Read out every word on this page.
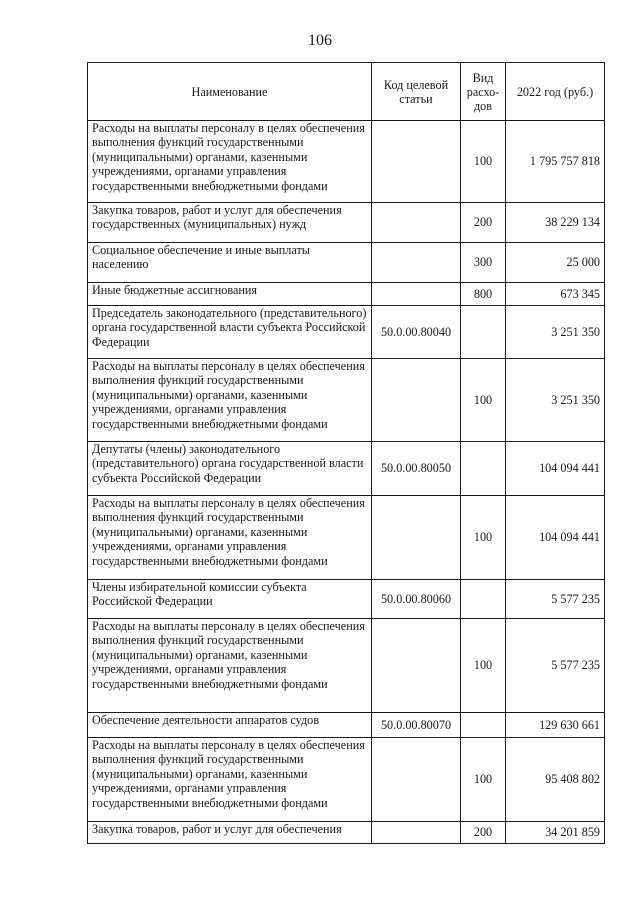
106
Наименование	Код целевой статьи	Вид расхо-дов	2022 год (руб.)
Расходы на выплаты персоналу в целях обеспечения выполнения функций государственными (муниципальными) органами, казенными учреждениями, органами управления государственными внебюджетными фондами		100	1 795 757 818
Закупка товаров, работ и услуг для обеспечения государственных (муниципальных) нужд		200	38 229 134
Социальное обеспечение и иные выплаты населению		300	25 000
Иные бюджетные ассигнования		800	673 345
Председатель законодательного (представительного) органа государственной власти субъекта Российской Федерации	50.0.00.80040		3 251 350
Расходы на выплаты персоналу в целях обеспечения выполнения функций государственными (муниципальными) органами, казенными учреждениями, органами управления государственными внебюджетными фондами		100	3 251 350
Депутаты (члены) законодательного (представительного) органа государственной власти субъекта Российской Федерации	50.0.00.80050		104 094 441
Расходы на выплаты персоналу в целях обеспечения выполнения функций государственными (муниципальными) органами, казенными учреждениями, органами управления государственными внебюджетными фондами		100	104 094 441
Члены избирательной комиссии субъекта Российской Федерации	50.0.00.80060		5 577 235
Расходы на выплаты персоналу в целях обеспечения выполнения функций государственными (муниципальными) органами, казенными учреждениями, органами управления государственными внебюджетными фондами		100	5 577 235
Обеспечение деятельности аппаратов судов	50.0.00.80070		129 630 661
Расходы на выплаты персоналу в целях обеспечения выполнения функций государственными (муниципальными) органами, казенными учреждениями, органами управления государственными внебюджетными фондами		100	95 408 802
Закупка товаров, работ и услуг для обеспечения		200	34 201 859
